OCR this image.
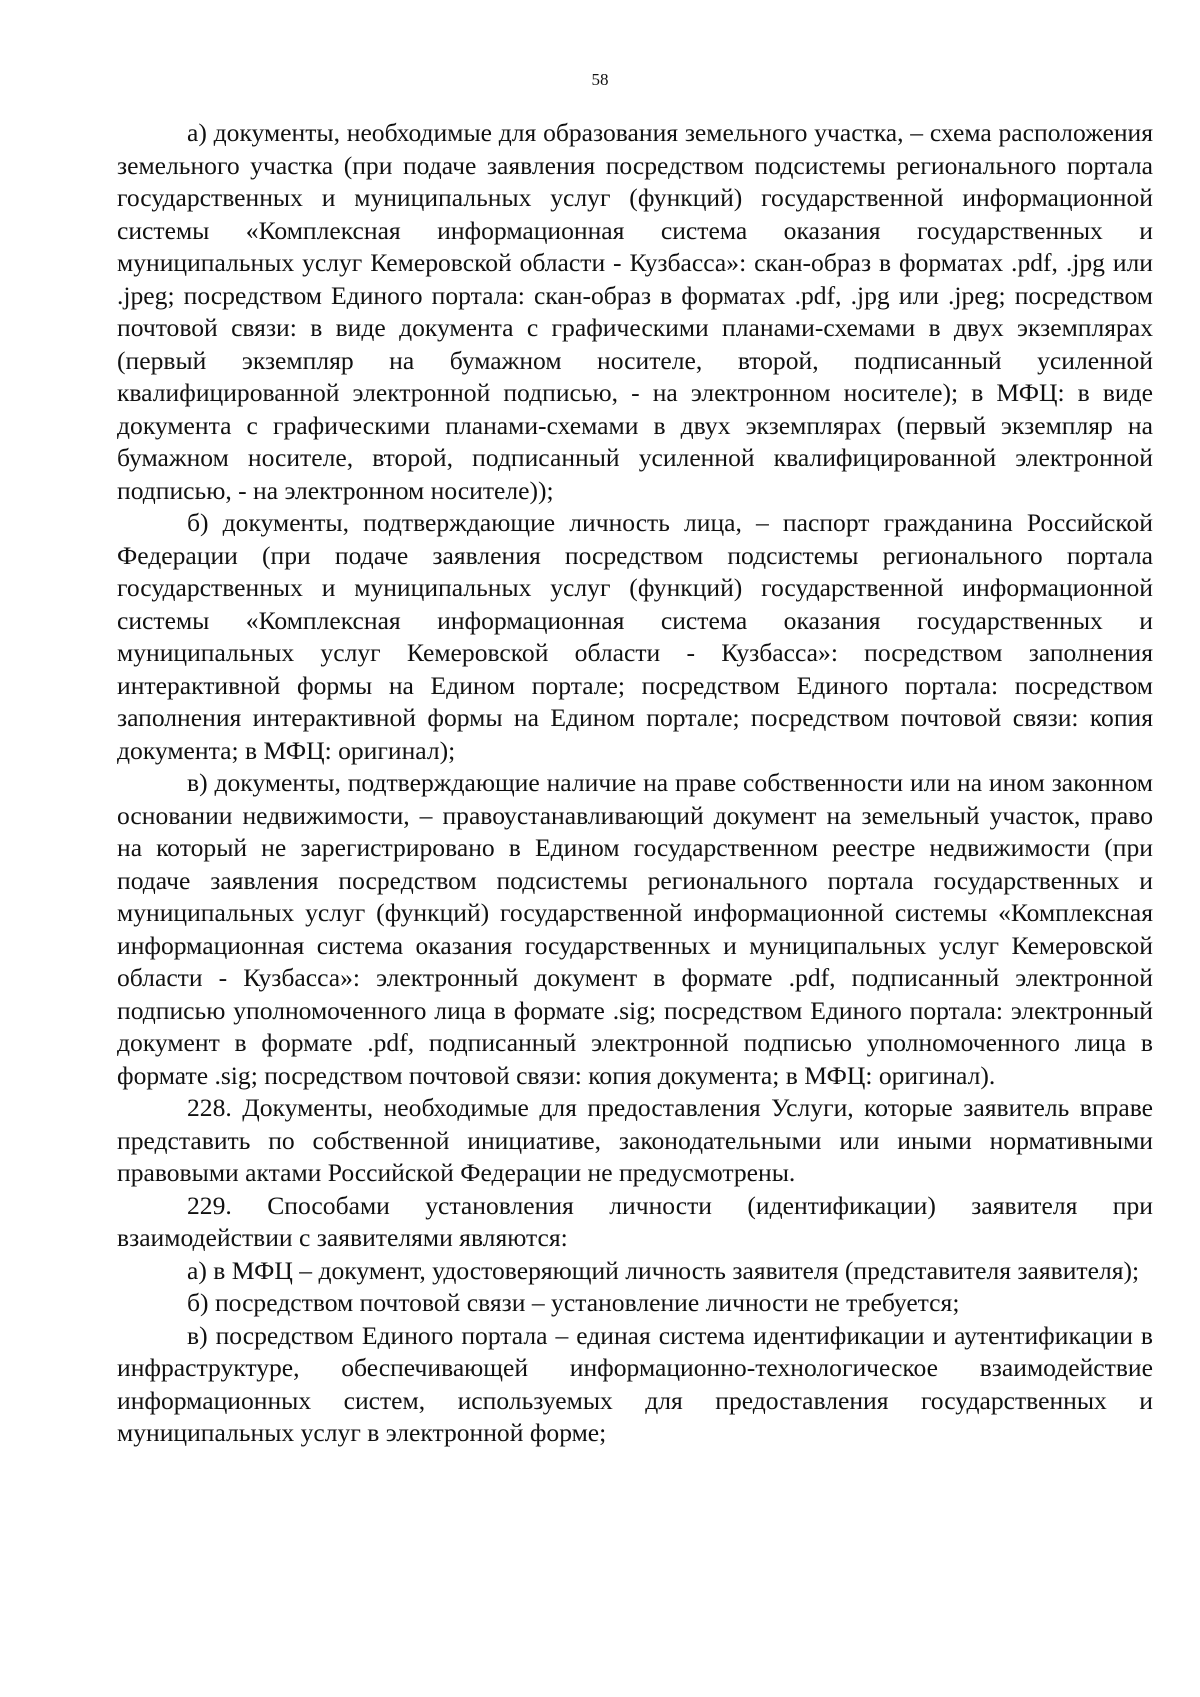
58

а) документы, необходимые для образования земельного участка, – схема расположения земельного участка (при подаче заявления посредством подсистемы регионального портала государственных и муниципальных услуг (функций) государственной информационной системы «Комплексная информационная система оказания государственных и муниципальных услуг Кемеровской области - Кузбасса»: скан-образ в форматах .pdf, .jpg или .jpeg; посредством Единого портала: скан-образ в форматах .pdf, .jpg или .jpeg; посредством почтовой связи: в виде документа с графическими планами-схемами в двух экземплярах (первый экземпляр на бумажном носителе, второй, подписанный усиленной квалифицированной электронной подписью, - на электронном носителе); в МФЦ: в виде документа с графическими планами-схемами в двух экземплярах (первый экземпляр на бумажном носителе, второй, подписанный усиленной квалифицированной электронной подписью, - на электронном носителе));

б) документы, подтверждающие личность лица, – паспорт гражданина Российской Федерации (при подаче заявления посредством подсистемы регионального портала государственных и муниципальных услуг (функций) государственной информационной системы «Комплексная информационная система оказания государственных и муниципальных услуг Кемеровской области - Кузбасса»: посредством заполнения интерактивной формы на Едином портале; посредством Единого портала: посредством заполнения интерактивной формы на Едином портале; посредством почтовой связи: копия документа; в МФЦ: оригинал);

в) документы, подтверждающие наличие на праве собственности или на ином законном основании недвижимости, – правоустанавливающий документ на земельный участок, право на который не зарегистрировано в Едином государственном реестре недвижимости (при подаче заявления посредством подсистемы регионального портала государственных и муниципальных услуг (функций) государственной информационной системы «Комплексная информационная система оказания государственных и муниципальных услуг Кемеровской области - Кузбасса»: электронный документ в формате .pdf, подписанный электронной подписью уполномоченного лица в формате .sig; посредством Единого портала: электронный документ в формате .pdf, подписанный электронной подписью уполномоченного лица в формате .sig; посредством почтовой связи: копия документа; в МФЦ: оригинал).

228. Документы, необходимые для предоставления Услуги, которые заявитель вправе представить по собственной инициативе, законодательными или иными нормативными правовыми актами Российской Федерации не предусмотрены.

229. Способами установления личности (идентификации) заявителя при взаимодействии с заявителями являются:

а) в МФЦ – документ, удостоверяющий личность заявителя (представителя заявителя);

б) посредством почтовой связи – установление личности не требуется;

в) посредством Единого портала – единая система идентификации и аутентификации в инфраструктуре, обеспечивающей информационно-технологическое взаимодействие информационных систем, используемых для предоставления государственных и муниципальных услуг в электронной форме;
